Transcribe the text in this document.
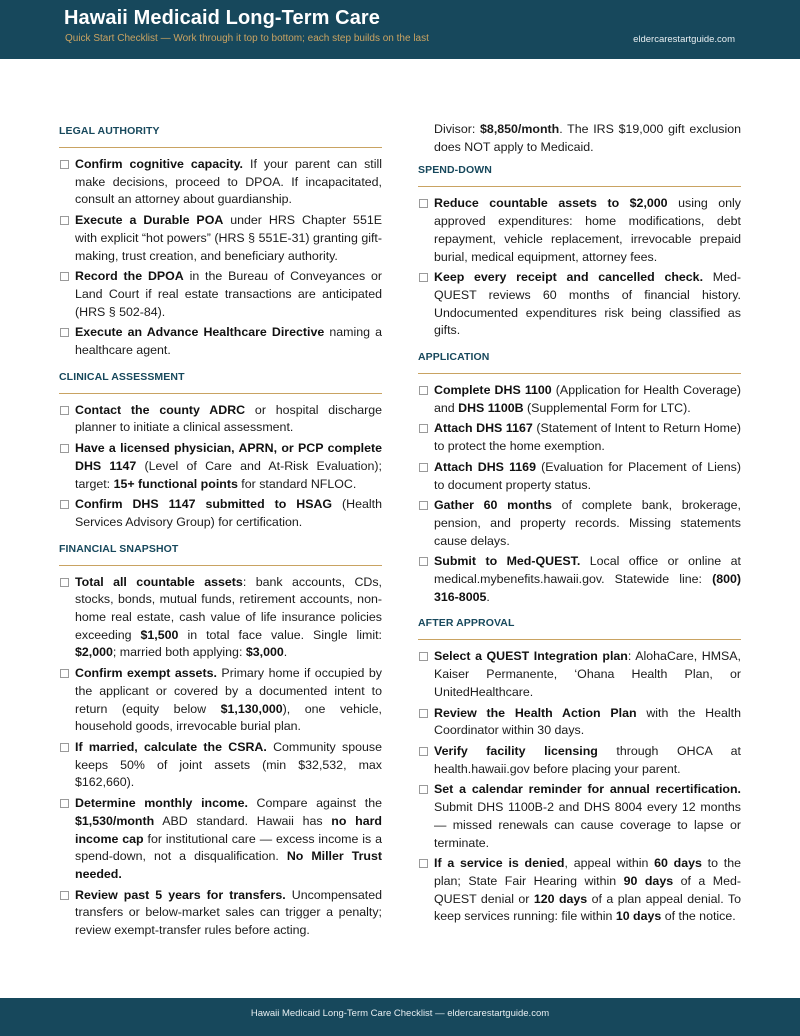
Hawaii Medicaid Long-Term Care
Quick Start Checklist — Work through it top to bottom; each step builds on the last	eldercarestartguide.com
LEGAL AUTHORITY
Confirm cognitive capacity. If your parent can still make decisions, proceed to DPOA. If incapacitated, consult an attorney about guardianship.
Execute a Durable POA under HRS Chapter 551E with explicit “hot powers” (HRS § 551E-31) granting gift-making, trust creation, and beneficiary authority.
Record the DPOA in the Bureau of Conveyances or Land Court if real estate transactions are anticipated (HRS § 502-84).
Execute an Advance Healthcare Directive naming a healthcare agent.
CLINICAL ASSESSMENT
Contact the county ADRC or hospital discharge planner to initiate a clinical assessment.
Have a licensed physician, APRN, or PCP complete DHS 1147 (Level of Care and At-Risk Evaluation); target: 15+ functional points for standard NFLOC.
Confirm DHS 1147 submitted to HSAG (Health Services Advisory Group) for certification.
FINANCIAL SNAPSHOT
Total all countable assets: bank accounts, CDs, stocks, bonds, mutual funds, retirement accounts, non-home real estate, cash value of life insurance policies exceeding $1,500 in total face value. Single limit: $2,000; married both applying: $3,000.
Confirm exempt assets. Primary home if occupied by the applicant or covered by a documented intent to return (equity below $1,130,000), one vehicle, household goods, irrevocable burial plan.
If married, calculate the CSRA. Community spouse keeps 50% of joint assets (min $32,532, max $162,660).
Determine monthly income. Compare against the $1,530/month ABD standard. Hawaii has no hard income cap for institutional care — excess income is a spend-down, not a disqualification. No Miller Trust needed.
Review past 5 years for transfers. Uncompensated transfers or below-market sales can trigger a penalty; review exempt-transfer rules before acting.
Divisor: $8,850/month. The IRS $19,000 gift exclusion does NOT apply to Medicaid.
SPEND-DOWN
Reduce countable assets to $2,000 using only approved expenditures: home modifications, debt repayment, vehicle replacement, irrevocable prepaid burial, medical equipment, attorney fees.
Keep every receipt and cancelled check. Med-QUEST reviews 60 months of financial history. Undocumented expenditures risk being classified as gifts.
APPLICATION
Complete DHS 1100 (Application for Health Coverage) and DHS 1100B (Supplemental Form for LTC).
Attach DHS 1167 (Statement of Intent to Return Home) to protect the home exemption.
Attach DHS 1169 (Evaluation for Placement of Liens) to document property status.
Gather 60 months of complete bank, brokerage, pension, and property records. Missing statements cause delays.
Submit to Med-QUEST. Local office or online at medical.mybenefits.hawaii.gov. Statewide line: (800) 316-8005.
AFTER APPROVAL
Select a QUEST Integration plan: AlohaCare, HMSA, Kaiser Permanente, ‘Ohana Health Plan, or UnitedHealthcare.
Review the Health Action Plan with the Health Coordinator within 30 days.
Verify facility licensing through OHCA at health.hawaii.gov before placing your parent.
Set a calendar reminder for annual recertification. Submit DHS 1100B-2 and DHS 8004 every 12 months — missed renewals can cause coverage to lapse or terminate.
If a service is denied, appeal within 60 days to the plan; State Fair Hearing within 90 days of a Med-QUEST denial or 120 days of a plan appeal denial. To keep services running: file within 10 days of the notice.
Hawaii Medicaid Long-Term Care Checklist — eldercarestartguide.com
